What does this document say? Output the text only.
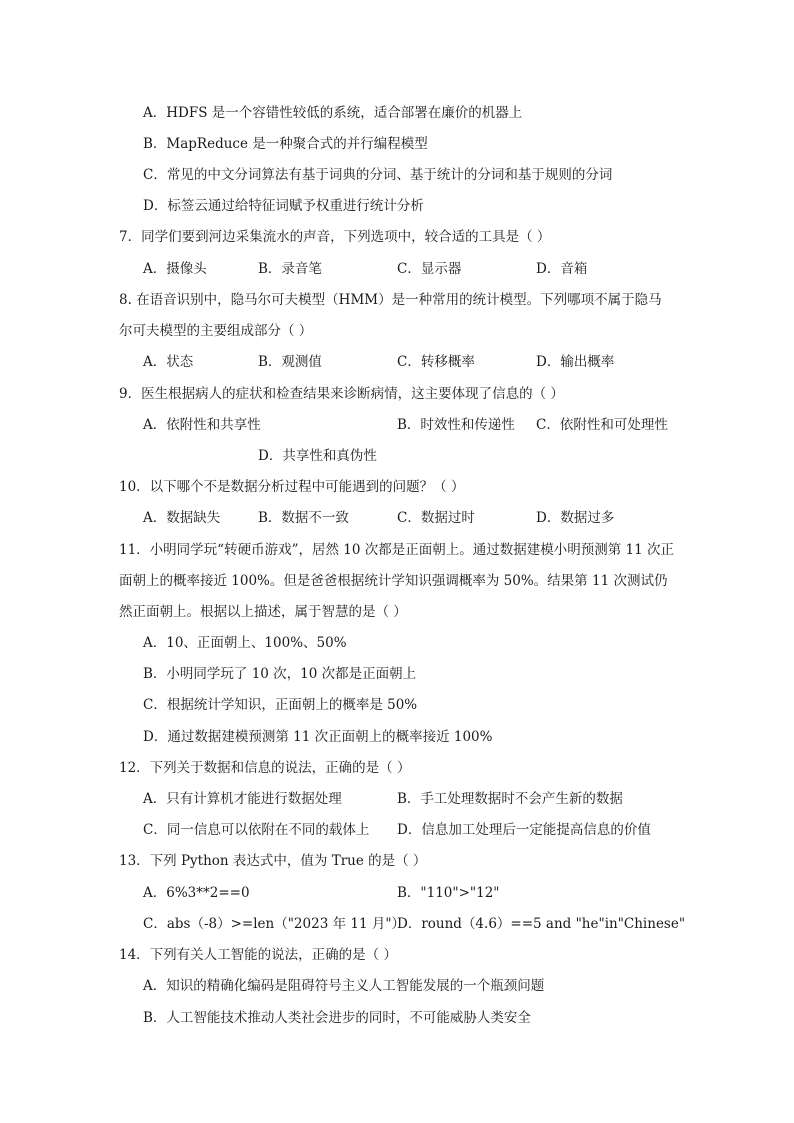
A．HDFS 是一个容错性较低的系统，适合部署在廉价的机器上
B．MapReduce 是一种聚合式的并行编程模型
C．常见的中文分词算法有基于词典的分词、基于统计的分词和基于规则的分词
D．标签云通过给特征词赋予权重进行统计分析
7．同学们要到河边采集流水的声音，下列选项中，较合适的工具是（ ）
A．摄像头	B．录音笔	C．显示器	D．音箱
8. 在语音识别中，隐马尔可夫模型（HMM）是一种常用的统计模型。下列哪项不属于隐马
尔可夫模型的主要组成部分（ ）
A．状态	B．观测值	C．转移概率	D．输出概率
9．医生根据病人的症状和检查结果来诊断病情，这主要体现了信息的（ ）
A．依附性和共享性	B．时效性和传递性 C．依附性和可处理性
D．共享性和真伪性
10．以下哪个不是数据分析过程中可能遇到的问题？（ ）
A．数据缺失	B．数据不一致	C．数据过时	D．数据过多
11．小明同学玩“转硬币游戏”，居然 10 次都是正面朝上。通过数据建模小明预测第 11 次正
面朝上的概率接近 100%。但是爸爸根据统计学知识强调概率为 50%。结果第 11 次测试仍
然正面朝上。根据以上描述，属于智慧的是（ ）
A．10、正面朝上、100%、50%
B．小明同学玩了 10 次，10 次都是正面朝上
C．根据统计学知识，正面朝上的概率是 50%
D．通过数据建模预测第 11 次正面朝上的概率接近 100%
12．下列关于数据和信息的说法，正确的是（ ）
A．只有计算机才能进行数据处理	B．手工处理数据时不会产生新的数据
C．同一信息可以依附在不同的载体上 D．信息加工处理后一定能提高信息的价值
13．下列 Python 表达式中，值为 True 的是（ ）
A．6%3**2==0	B．"110">"12"
C．abs（-8）>=len（"2023 年 11 月"）
D．round（4.6）==5 and "he"in"Chinese"
14．下列有关人工智能的说法，正确的是（ ）
A．知识的精确化编码是阻碍符号主义人工智能发展的一个瓶颈问题
B．人工智能技术推动人类社会进步的同时，不可能威胁人类安全
